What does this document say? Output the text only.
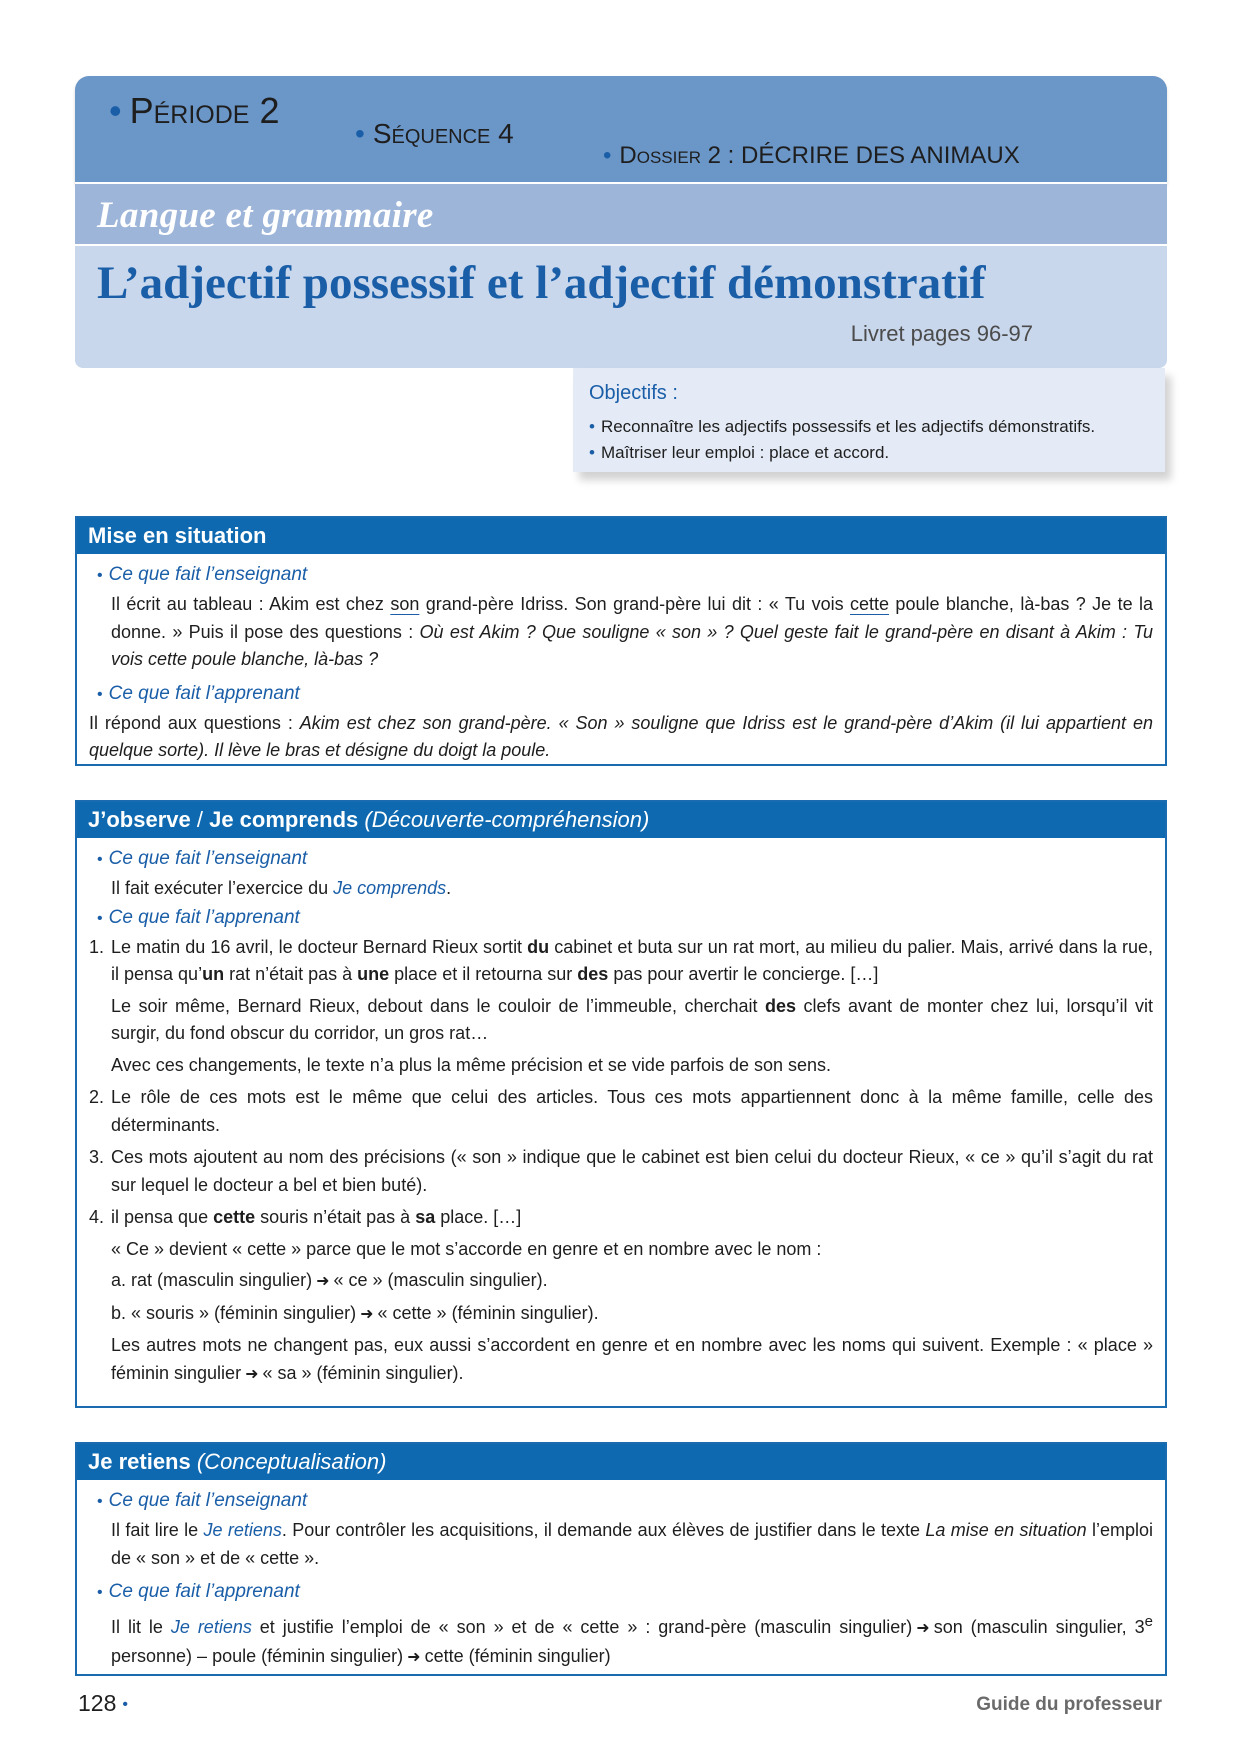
• Période 2
• Séquence 4
• Dossier 2 : DÉCRIRE DES ANIMAUX
Langue et grammaire
L’adjectif possessif et l’adjectif démonstratif
Livret pages 96-97
Objectifs :
• Reconnaître les adjectifs possessifs et les adjectifs démonstratifs.
• Maîtriser leur emploi : place et accord.
Mise en situation
• Ce que fait l’enseignant
Il écrit au tableau : Akim est chez son grand-père Idriss. Son grand-père lui dit : « Tu vois cette poule blanche, là-bas ? Je te la donne. » Puis il pose des questions : Où est Akim ? Que souligne « son » ? Quel geste fait le grand-père en disant à Akim : Tu vois cette poule blanche, là-bas ?
• Ce que fait l’apprenant
Il répond aux questions : Akim est chez son grand-père. « Son » souligne que Idriss est le grand-père d’Akim (il lui appartient en quelque sorte). Il lève le bras et désigne du doigt la poule.
J’observe / Je comprends (Découverte-compréhension)
• Ce que fait l’enseignant
Il fait exécuter l’exercice du Je comprends.
• Ce que fait l’apprenant
1. Le matin du 16 avril, le docteur Bernard Rieux sortit du cabinet et buta sur un rat mort, au milieu du palier. Mais, arrivé dans la rue, il pensa qu’un rat n’était pas à une place et il retourna sur des pas pour avertir le concierge. […]
Le soir même, Bernard Rieux, debout dans le couloir de l’immeuble, cherchait des clefs avant de monter chez lui, lorsqu’il vit surgir, du fond obscur du corridor, un gros rat…
Avec ces changements, le texte n’a plus la même précision et se vide parfois de son sens.
2. Le rôle de ces mots est le même que celui des articles. Tous ces mots appartiennent donc à la même famille, celle des déterminants.
3. Ces mots ajoutent au nom des précisions (« son » indique que le cabinet est bien celui du docteur Rieux, « ce » qu’il s’agit du rat sur lequel le docteur a bel et bien buté).
4. il pensa que cette souris n’était pas à sa place. […]
« Ce » devient « cette » parce que le mot s’accorde en genre et en nombre avec le nom :
a. rat (masculin singulier) ➜ « ce » (masculin singulier).
b. « souris » (féminin singulier) ➜ « cette » (féminin singulier).
Les autres mots ne changent pas, eux aussi s’accordent en genre et en nombre avec les noms qui suivent. Exemple : « place » féminin singulier ➜ « sa » (féminin singulier).
Je retiens (Conceptualisation)
• Ce que fait l’enseignant
Il fait lire le Je retiens. Pour contrôler les acquisitions, il demande aux élèves de justifier dans le texte La mise en situation l’emploi de « son » et de « cette ».
• Ce que fait l’apprenant
Il lit le Je retiens et justifie l’emploi de « son » et de « cette » : grand-père (masculin singulier) ➜ son (masculin singulier, 3e personne) – poule (féminin singulier) ➜ cette (féminin singulier)
128 •	Guide du professeur
